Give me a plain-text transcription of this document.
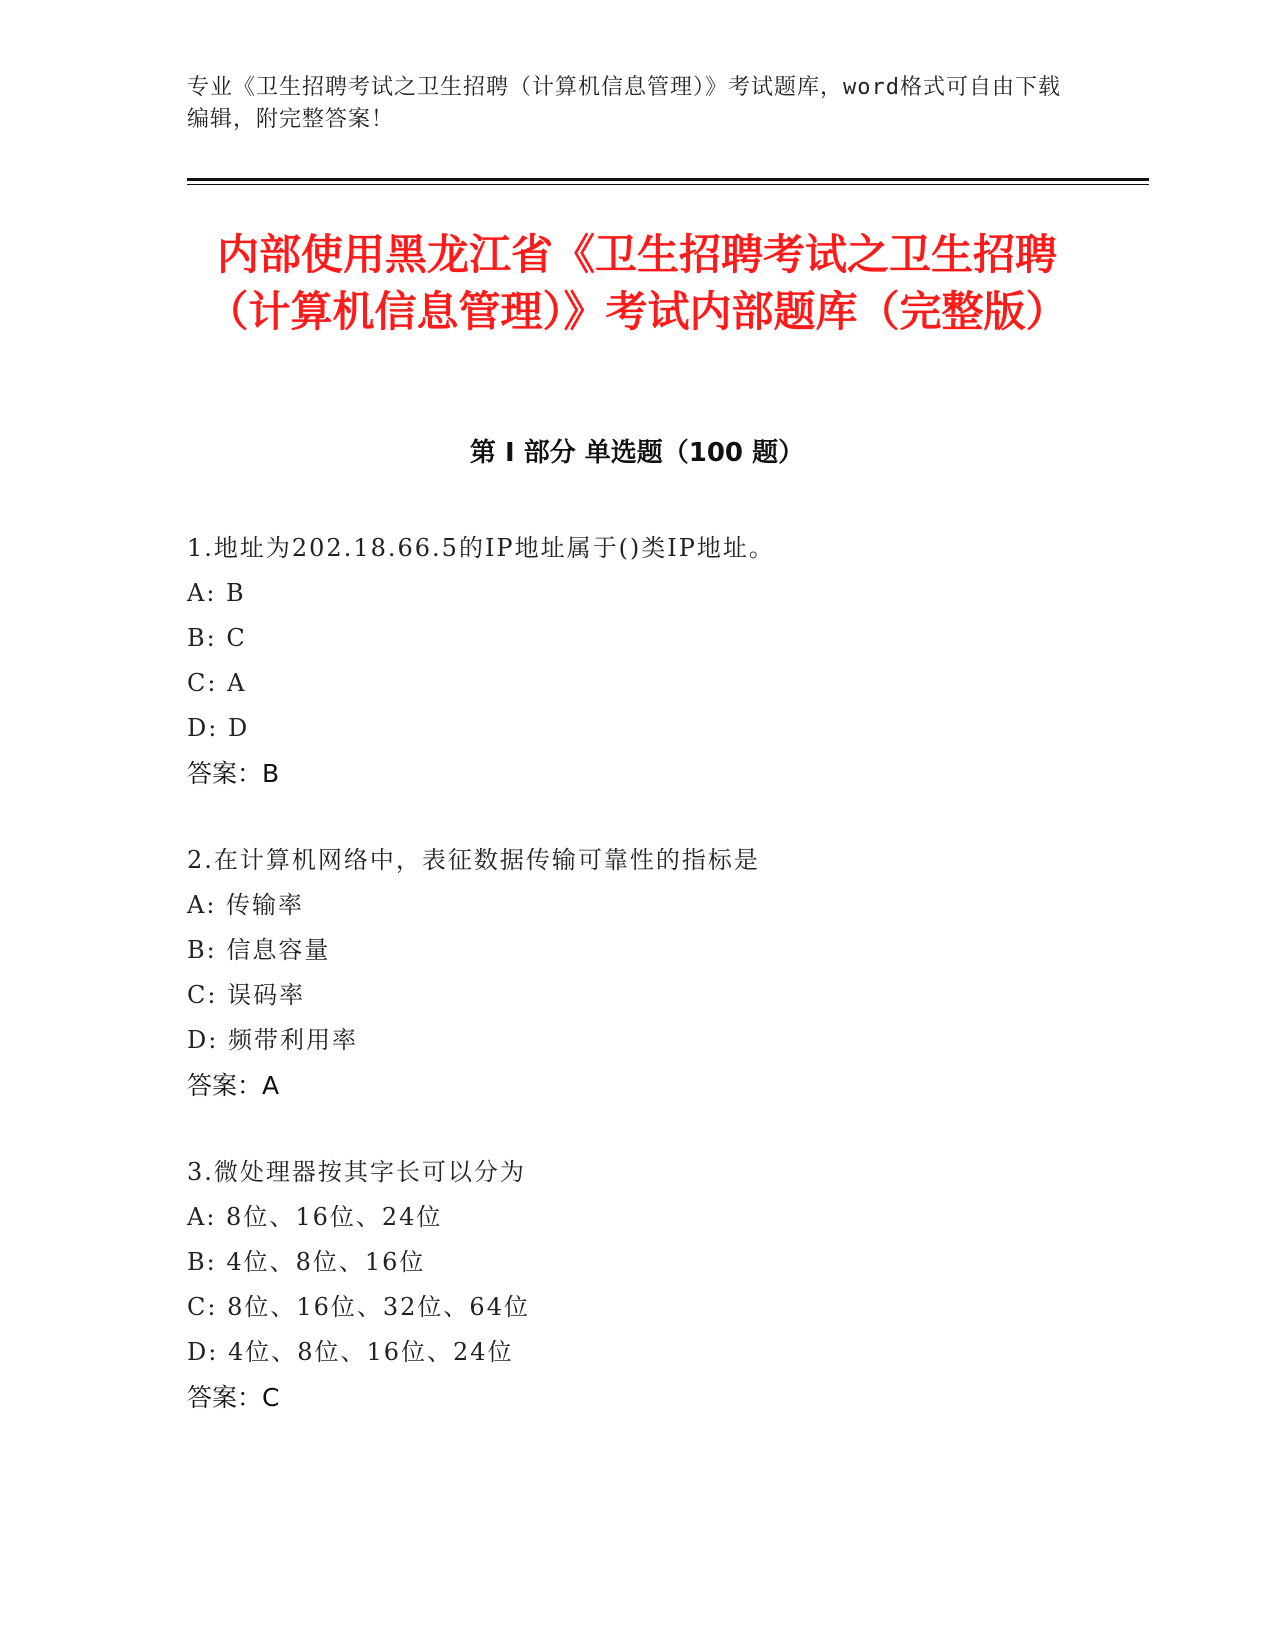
专业《卫生招聘考试之卫生招聘（计算机信息管理）》考试题库，word格式可自由下载编辑，附完整答案！
内部使用黑龙江省《卫生招聘考试之卫生招聘（计算机信息管理）》考试内部题库（完整版）
第 I 部分 单选题（100 题）
1.地址为202.18.66.5的IP地址属于()类IP地址。
A: B
B: C
C: A
D: D
答案：B
2.在计算机网络中，表征数据传输可靠性的指标是
A: 传输率
B: 信息容量
C: 误码率
D: 频带利用率
答案：A
3.微处理器按其字长可以分为
A: 8位、16位、24位
B: 4位、8位、16位
C: 8位、16位、32位、64位
D: 4位、8位、16位、24位
答案：C
